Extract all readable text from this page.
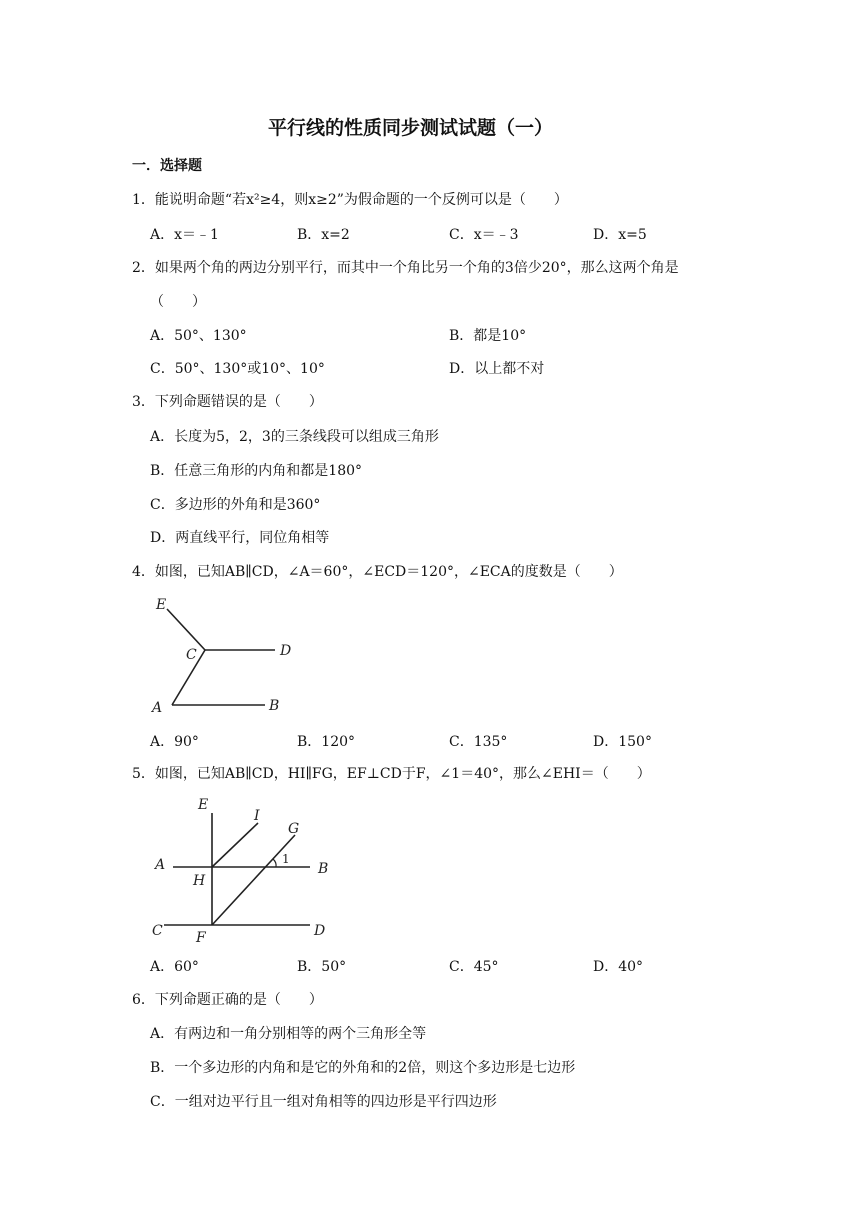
平行线的性质同步测试试题（一）
一．选择题
1．能说明命题“若x²≥4，则x≥2”为假命题的一个反例可以是（　　）
A．x＝﹣1	B．x=2	C．x＝﹣3	D．x=5
2．如果两个角的两边分别平行，而其中一个角比另一个角的3倍少20°，那么这两个角是
（　　）
A．50°、130°	B．都是10°
C．50°、130°或10°、10°	D．以上都不对
3．下列命题错误的是（　　）
A．长度为5，2，3的三条线段可以组成三角形
B．任意三角形的内角和都是180°
C．多边形的外角和是360°
D．两直线平行，同位角相等
4．如图，已知AB∥CD，∠A＝60°，∠ECD＝120°，∠ECA的度数是（　　）
E
C	D
A	B
A．90°	B．120°	C．135°	D．150°
5．如图，已知AB∥CD，HI∥FG，EF⊥CD于F，∠1＝40°，那么∠EHI＝（　　）
E
I
G
A	1
B
H
C F	D
A．60°	B．50°	C．45°	D．40°
6．下列命题正确的是（　　）
A．有两边和一角分别相等的两个三角形全等
B．一个多边形的内角和是它的外角和的2倍，则这个多边形是七边形
C．一组对边平行且一组对角相等的四边形是平行四边形
